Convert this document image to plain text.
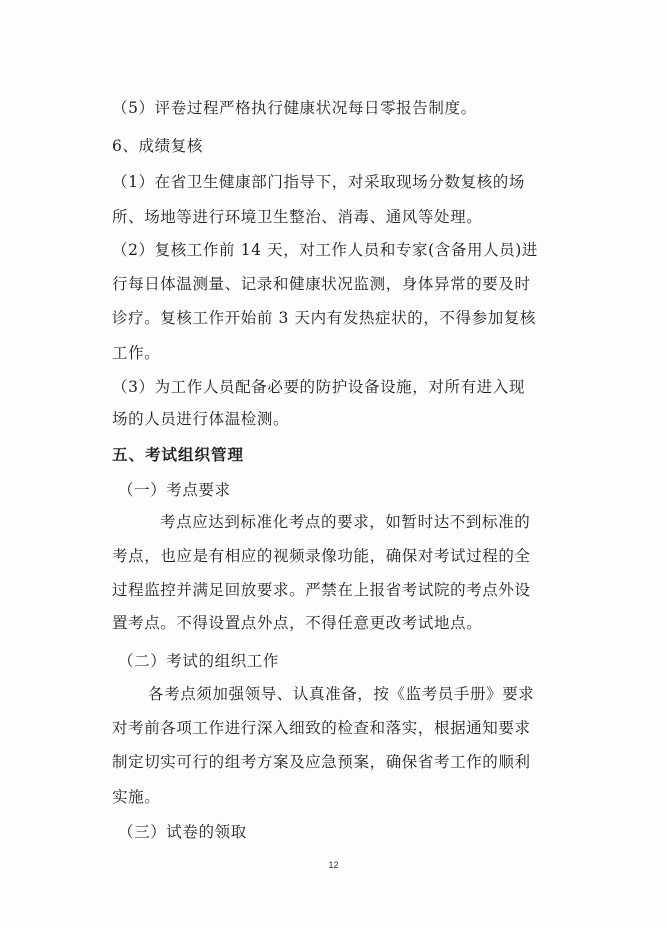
（5）评卷过程严格执行健康状况每日零报告制度。
6、成绩复核
（1）在省卫生健康部门指导下，对采取现场分数复核的场
所、场地等进行环境卫生整治、消毒、通风等处理。
（2）复核工作前 14 天，对工作人员和专家(含备用人员)进
行每日体温测量、记录和健康状况监测，身体异常的要及时
诊疗。复核工作开始前 3 天内有发热症状的，不得参加复核
工作。
（3）为工作人员配备必要的防护设备设施，对所有进入现
场的人员进行体温检测。
五、考试组织管理
（一）考点要求
考点应达到标准化考点的要求，如暂时达不到标准的
考点，也应是有相应的视频录像功能，确保对考试过程的全
过程监控并满足回放要求。严禁在上报省考试院的考点外设
置考点。不得设置点外点，不得任意更改考试地点。
（二）考试的组织工作
各考点须加强领导、认真准备，按《监考员手册》要求
对考前各项工作进行深入细致的检查和落实，根据通知要求
制定切实可行的组考方案及应急预案，确保省考工作的顺利
实施。
（三）试卷的领取
12
